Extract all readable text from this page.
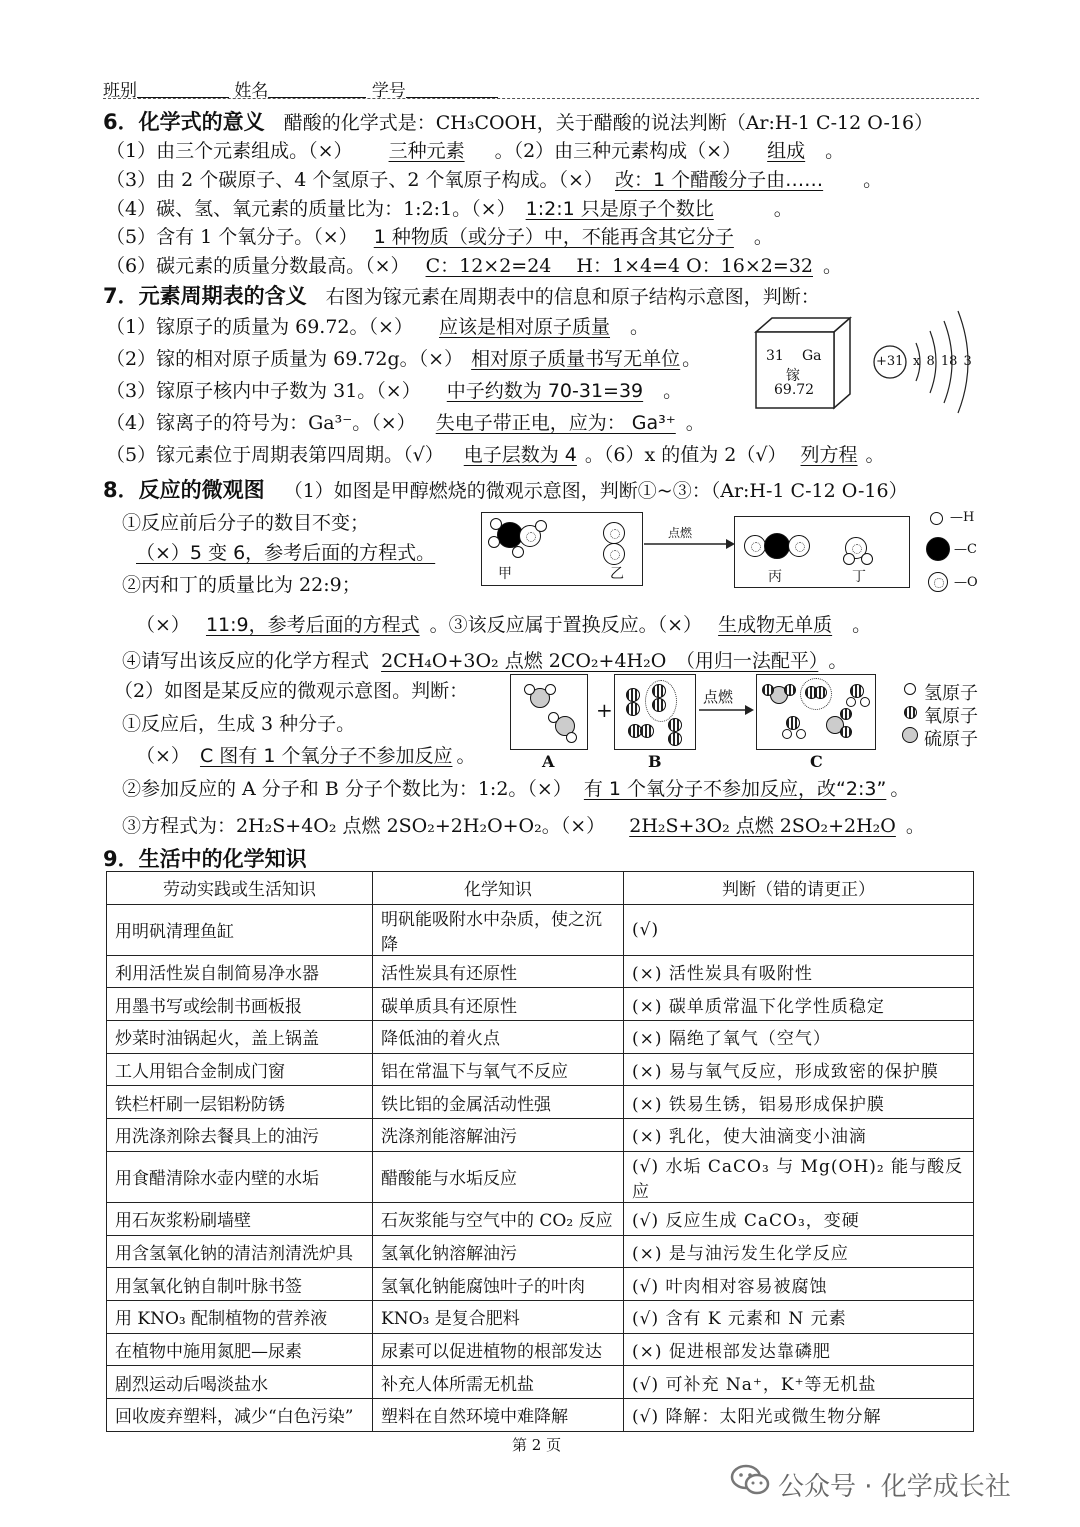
班别	姓名	学号
6．化学式的意义 醋酸的化学式是：CH₃COOH，关于醋酸的说法判断（Ar:H-1 C-12 O-16）
（1）由三个元素组成。（×） 三种元素 。（2）由三种元素构成（×） 组成 。
（3）由 2 个碳原子、4 个氢原子、2 个氧原子构成。（×） 改：1 个醋酸分子由…… 。
（4）碳、氢、氧元素的质量比为：1:2:1。（×） 1:2:1 只是原子个数比	。
（5）含有 1 个氧分子。（×） 1 种物质（或分子）中，不能再含其它分子 。
（6）碳元素的质量分数最高。（×） C：12×2=24　 H：1×4=4 O：16×2=32 。
7．元素周期表的含义 右图为镓元素在周期表中的信息和原子结构示意图，判断：
（1）镓原子的质量为 69.72。（×） 应该是相对原子质量 。
（2）镓的相对原子质量为 69.72g。（×） 相对原子质量书写无单位 。
（3）镓原子核内中子数为 31。（×） 中子约数为 70-31=39 。
（4）镓离子的符号为：Ga³⁻。（×） 失电子带正电，应为： Ga³⁺ 。
（5）镓元素位于周期表第四周期。（√） 电子层数为 4 。（6）x 的值为 2（√） 列方程 。
31 Ga
镓
69.72
+31 x 8 18 3
8．反应的微观图 （1）如图是甲醇燃烧的微观示意图，判断①~③：（Ar:H-1 C-12 O-16）
①反应前后分子的数目不变；
（×）5 变 6，参考后面的方程式。
②丙和丁的质量比为 22:9；
（×） 11:9，参考后面的方程式 。③该反应属于置换反应。（×） 生成物无单质 。
④请写出该反应的化学方程式 2CH₄O+3O₂ 点燃 2CO₂+4H₂O　（用归一法配平） 。
甲	乙
点燃
丙	丁
—H
—C
—O
（2）如图是某反应的微观示意图。判断：
①反应后，生成 3 种分子。
（×） C 图有 1 个氧分子不参加反应 。
②参加反应的 A 分子和 B 分子个数比为：1:2。（×） 有 1 个氧分子不参加反应，改“2:3” 。
③方程式为：2H₂S+4O₂ 点燃 2SO₂+2H₂O+O₂。（×） 2H₂S+3O₂ 点燃 2SO₂+2H₂O 。
A
+
B
点燃
C
氢原子
氧原子
硫原子
9．生活中的化学知识
劳动实践或生活知识	化学知识	判断（错的请更正）
用明矾清理鱼缸	明矾能吸附水中杂质，使之沉降	(√)
利用活性炭自制简易净水器	活性炭具有还原性	(×) 活性炭具有吸附性
用墨书写或绘制书画板报	碳单质具有还原性	(×) 碳单质常温下化学性质稳定
炒菜时油锅起火，盖上锅盖	降低油的着火点	(×) 隔绝了氧气（空气）
工人用铝合金制成门窗	铝在常温下与氧气不反应	(×) 易与氧气反应，形成致密的保护膜
铁栏杆刷一层铝粉防锈	铁比铝的金属活动性强	(×) 铁易生锈，铝易形成保护膜
用洗涤剂除去餐具上的油污	洗涤剂能溶解油污	(×) 乳化，使大油滴变小油滴
用食醋清除水壶内壁的水垢	醋酸能与水垢反应	(√) 水垢 CaCO₃ 与 Mg(OH)₂ 能与酸反应
用石灰浆粉刷墙壁	石灰浆能与空气中的 CO₂ 反应	(√) 反应生成 CaCO₃，变硬
用含氢氧化钠的清洁剂清洗炉具	氢氧化钠溶解油污	(×) 是与油污发生化学反应
用氢氧化钠自制叶脉书签	氢氧化钠能腐蚀叶子的叶肉	(√) 叶肉相对容易被腐蚀
用 KNO₃ 配制植物的营养液	KNO₃ 是复合肥料	(√) 含有 K 元素和 N 元素
在植物中施用氮肥—尿素	尿素可以促进植物的根部发达	(×) 促进根部发达靠磷肥
剧烈运动后喝淡盐水	补充人体所需无机盐	(√) 可补充 Na⁺，K⁺等无机盐
回收废弃塑料，减少“白色污染”	塑料在自然环境中难降解	(√) 降解：太阳光或微生物分解
第 2 页
公众号 · 化学成长社
